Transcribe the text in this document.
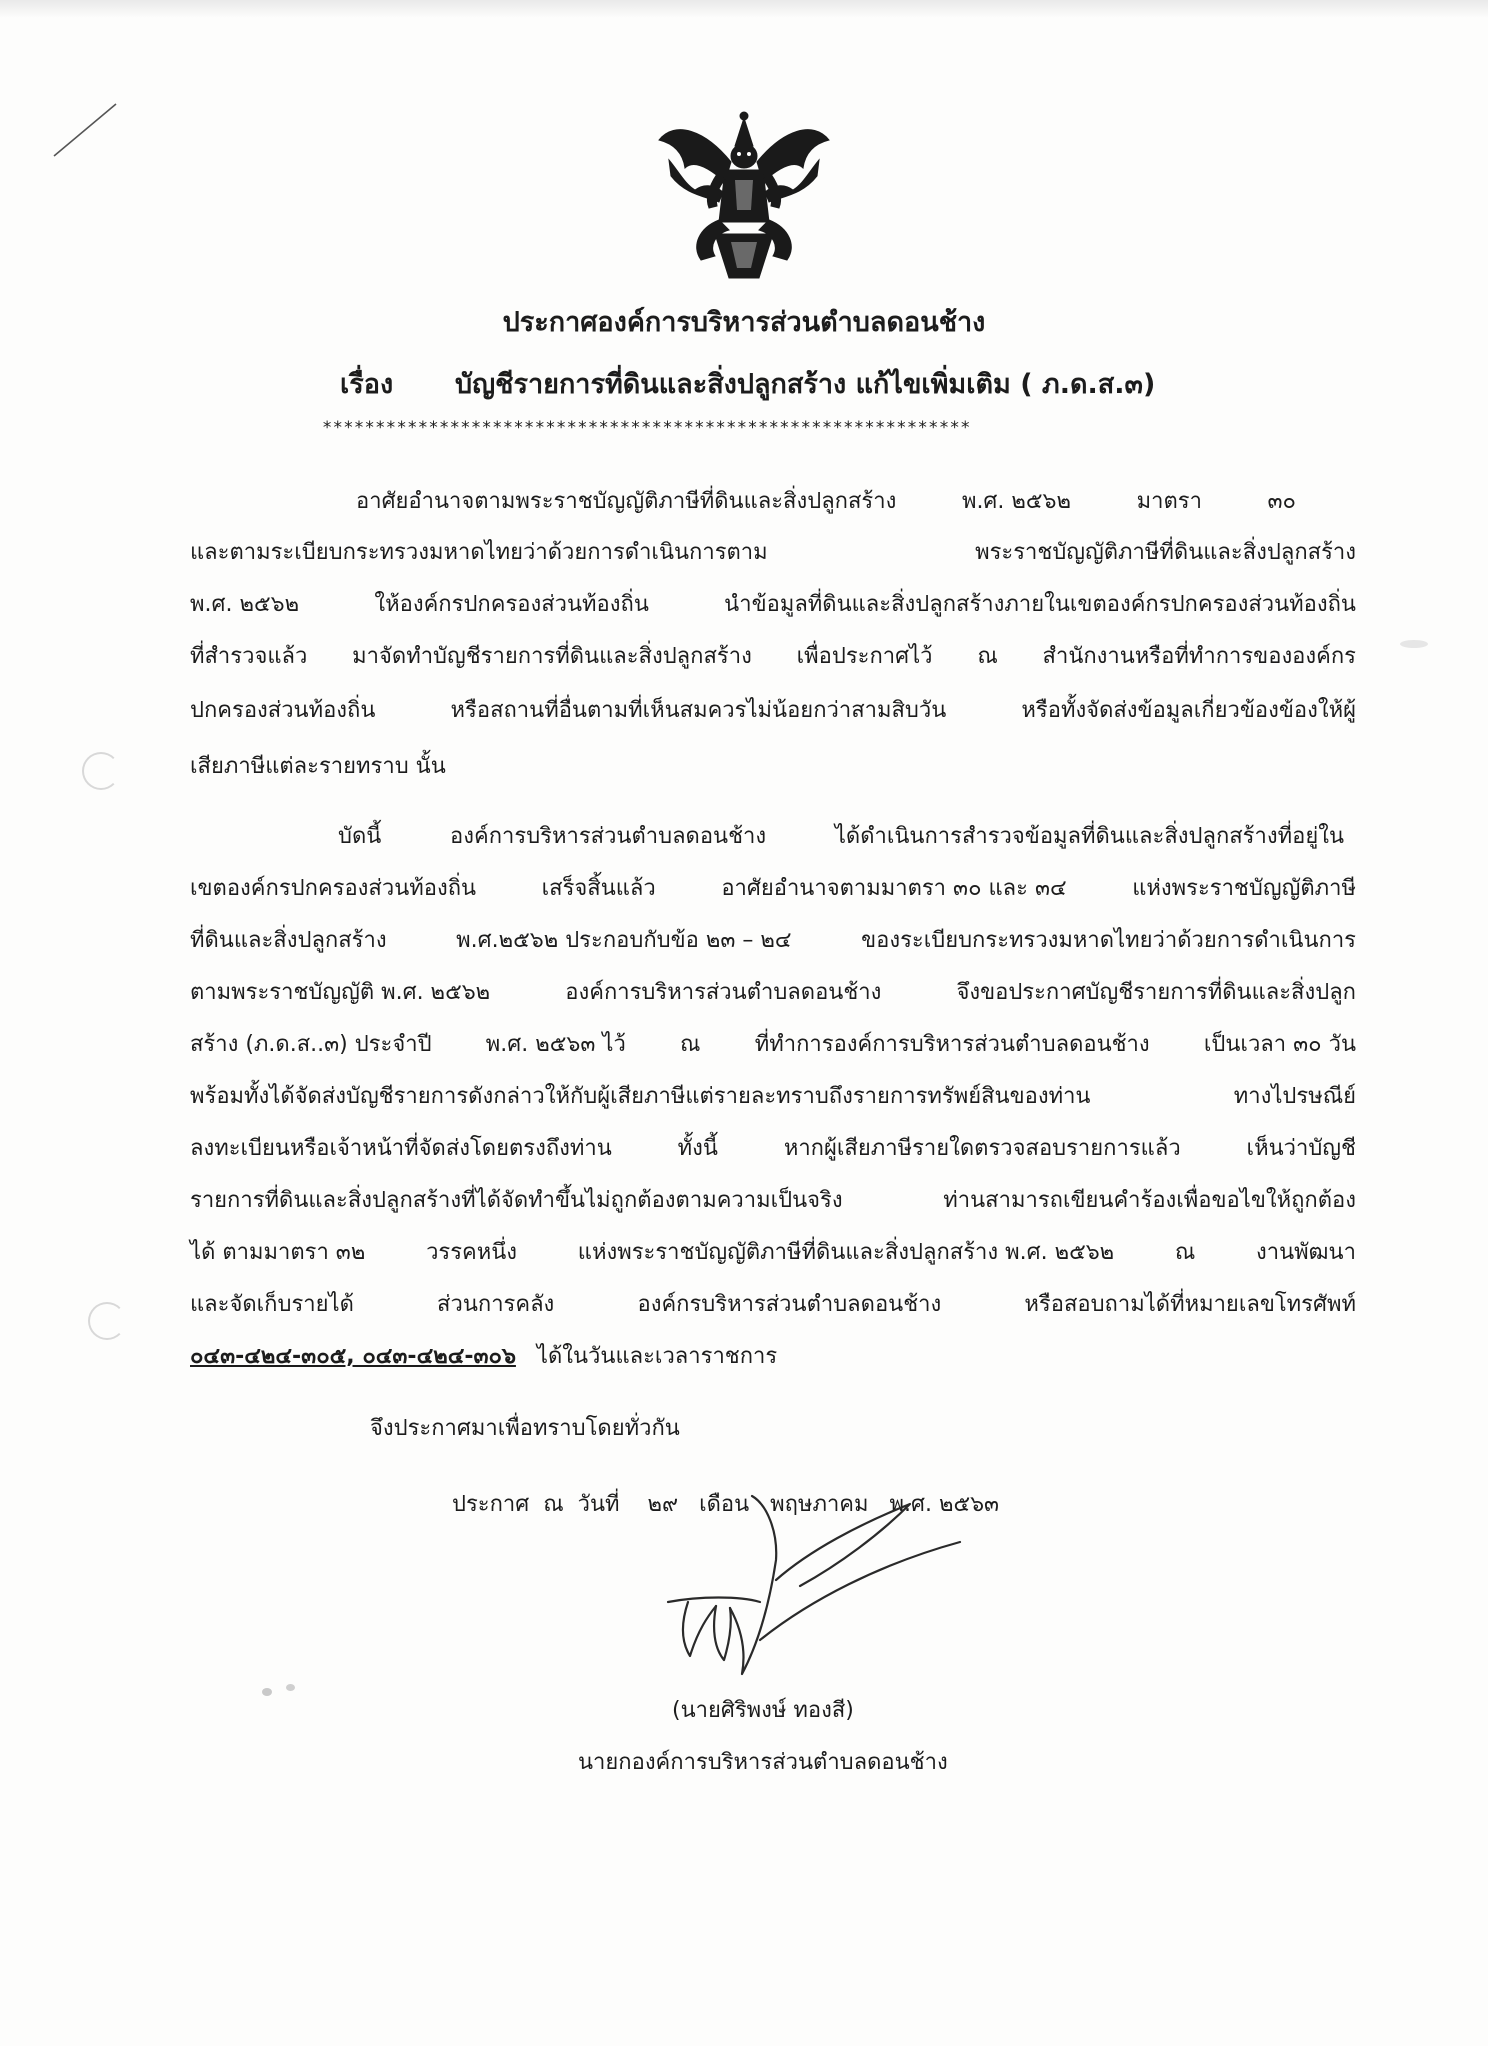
ประกาศองค์การบริหารส่วนตำบลดอนช้าง

เรื่อง บัญชีรายการที่ดินและสิ่งปลูกสร้าง แก้ไขเพิ่มเติม ( ภ.ด.ส.๓)

*************************************************************

อาศัยอำนาจตามพระราชบัญญัติภาษีที่ดินและสิ่งปลูกสร้าง	พ.ศ. ๒๕๖๒	มาตรา	๓๐

และตามระเบียบกระทรวงมหาดไทยว่าด้วยการดำเนินการตาม	พระราชบัญญัติภาษีที่ดินและสิ่งปลูกสร้าง

พ.ศ. ๒๕๖๒	ให้องค์กรปกครองส่วนท้องถิ่น	นำข้อมูลที่ดินและสิ่งปลูกสร้างภายในเขตองค์กรปกครองส่วนท้องถิ่น

ที่สำรวจแล้ว มาจัดทำบัญชีรายการที่ดินและสิ่งปลูกสร้าง เพื่อประกาศไว้ ณ สำนักงานหรือที่ทำการขององค์กร

ปกครองส่วนท้องถิ่น	หรือสถานที่อื่นตามที่เห็นสมควรไม่น้อยกว่าสามสิบวัน	หรือทั้งจัดส่งข้อมูลเกี่ยวข้องข้องให้ผู้

เสียภาษีแต่ละรายทราบ นั้น

บัดนี้	องค์การบริหารส่วนตำบลดอนช้าง	ได้ดำเนินการสำรวจข้อมูลที่ดินและสิ่งปลูกสร้างที่อยู่ใน

เขตองค์กรปกครองส่วนท้องถิ่น	เสร็จสิ้นแล้ว	อาศัยอำนาจตามมาตรา ๓๐ และ ๓๔	แห่งพระราชบัญญัติภาษี

ที่ดินและสิ่งปลูกสร้าง	พ.ศ.๒๕๖๒ ประกอบกับข้อ ๒๓ – ๒๔	ของระเบียบกระทรวงมหาดไทยว่าด้วยการดำเนินการ

ตามพระราชบัญญัติ พ.ศ. ๒๕๖๒	องค์การบริหารส่วนตำบลดอนช้าง	จึงขอประกาศบัญชีรายการที่ดินและสิ่งปลูก

สร้าง (ภ.ด.ส..๓) ประจำปี พ.ศ. ๒๕๖๓ ไว้ ณ ที่ทำการองค์การบริหารส่วนตำบลดอนช้าง เป็นเวลา ๓๐ วัน

พร้อมทั้งได้จัดส่งบัญชีรายการดังกล่าวให้กับผู้เสียภาษีแต่รายละทราบถึงรายการทรัพย์สินของท่าน	ทางไปรษณีย์

ลงทะเบียนหรือเจ้าหน้าที่จัดส่งโดยตรงถึงท่าน	ทั้งนี้	หากผู้เสียภาษีรายใดตรวจสอบรายการแล้ว	เห็นว่าบัญชี

รายการที่ดินและสิ่งปลูกสร้างที่ได้จัดทำขึ้นไม่ถูกต้องตามความเป็นจริง	ท่านสามารถเขียนคำร้องเพื่อขอไขให้ถูกต้อง

ได้ ตามมาตรา ๓๒	วรรคหนึ่ง	แห่งพระราชบัญญัติภาษีที่ดินและสิ่งปลูกสร้าง พ.ศ. ๒๕๖๒	ณ	งานพัฒนา

และจัดเก็บรายได้	ส่วนการคลัง	องค์กรบริหารส่วนตำบลดอนช้าง	หรือสอบถามได้ที่หมายเลขโทรศัพท์

๐๔๓-๔๒๔-๓๐๕, ๐๔๓-๔๒๔-๓๐๖ ได้ในวันและเวลาราชการ

จึงประกาศมาเพื่อทราบโดยทั่วกัน

ประกาศ  ณ  วันที่    ๒๙   เดือน   พฤษภาคม   พ.ศ. ๒๕๖๓

(นายศิริพงษ์ ทองสี)

นายกองค์การบริหารส่วนตำบลดอนช้าง
